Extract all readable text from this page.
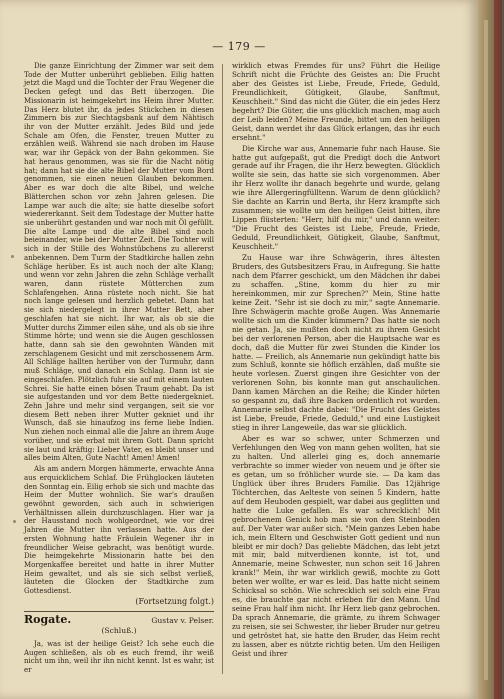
— 179 —

Die ganze Einrichtung der Zimmer war seit dem Tode der Mutter unberührt geblieben. Eilig hatten jetzt die Magd und die Tochter der Frau Wegener die Decken gefegt und das Bett überzogen. Die Missionarin ist heimgekehrt ins Heim ihrer Mutter. Das Herz blutet ihr, da jedes Stückchen in diesen Zimmern bis zur Siechtagsbank auf dem Nähtisch ihr von der Mutter erzählt. Jedes Bild und jede Schale am Ofen, die Fenster, treuen Mutter zu erzählen weiß. Während sie nach droben im Hause war, war ihr Gepäck von der Bahn gekommen. Sie hat heraus genommen, was sie für die Nacht nötig hat; dann hat sie die alte Bibel der Mutter vom Bord genommen, sie einen neuen Glauben bekommen. Aber es war doch die alte Bibel, und welche Blätterchen schon vor zehn Jahren gelesen. Die Lampe war auch die alte; sie hatte dieselbe sofort wiedererkannt. Seit dem Todestage der Mutter hatte sie unberührt gestanden und war noch mit Öl gefüllt. Die alte Lampe und die alte Bibel sind noch beieinander, wie bei der Mutter Zeit. Die Tochter will sich in der Stille des Wohnstübchens zu allererst anbekennen. Dem Turm der Stadtkirche hallen zehn Schläge herüber. Es ist auch noch der alte Klang; und wenn vor zehn Jahren die zehn Schläge verhallt waren, dann rüstete Mütterchen zum Schlafengehen. Anna rüstete noch nicht. Sie hat noch lange gelesen und herzlich gebetet. Dann hat sie sich niedergelegt in ihrer Mutter Bett, aber geschlafen hat sie nicht. Ihr war, als ob sie die Mutter durchs Zimmer eilen sähe, und als ob sie ihre Stimme hörte; und wenn sie die Augen geschlossen hatte, dann sah sie den gewohnten Wänden mit zerschlagenem Gesicht und mit zerschossenem Arm. All Schläge hallten herüber von der Turmuhr, dann muß Schläge, und danach ein Schlag. Dann ist sie eingeschlafen. Plötzlich fuhr sie auf mit einem lauten Schrei. Sie hatte einen bösen Traum gehabt. Da ist sie aufgestanden und vor dem Bette niedergekniet. Zehn Jahre und mehr sind vergangen, seit sie vor diesem Bett neben ihrer Mutter gekniet und ihr Wunsch, daß sie hinaufzog ins ferne liebe Indien. Nun ziehen noch einmal alle die Jahre an ihrem Auge vorüber, und sie erbat mit ihrem Gott. Dann spricht sie laut und kräftig: Lieber Vater, es bleibt unser und alles beim Alten, Gute Nacht! Amen! Amen!

Als am andern Morgen hämmerte, erwachte Anna aus erquicklichem Schlaf. Die Frühglocken läuteten den Sonntag ein. Eilig erhob sie sich und machte das Heim der Mutter wohnlich. Sie war's draußen gewöhnt geworden, sich auch in schwierigen Verhältnissen allein durchzuschlagen. Hier war ja der Hausstand noch wohlgeordnet, wie vor drei Jahren die Mutter ihn verlassen hatte. Aus der ersten Wohnung hatte Fräulein Wegener ihr in freundlicher Weise gebracht, was benötigt wurde. Die heimgekehrte Missionarin hatte bei den Morgenkaffee bereitet und hatte in ihrer Mutter Heim gewaltet, und als sie sich selbst verließ, läuteten die Glocken der Stadtkirche zum Gottesdienst.

(Fortsetzung folgt.)
Rogate.	Gustav v. Pelser.
(Schluß.)

Ja, was ist der heilige Geist? Ich sehe euch die Augen schließen, als ob es euch fremd, ihr weiß nicht um ihn, weil ihr ihn nicht kennt. Ist es wahr, ist er

wirklich etwas Fremdes für uns? Führt die Heilige Schrift nicht die Früchte des Geistes an: Die Frucht aber des Geistes ist Liebe, Freude, Friede, Geduld, Freundlichkeit, Gütigkeit, Glaube, Sanftmut, Keuschheit." Sind das nicht die Güter, die ein jedes Herz begehrt? Die Güter, die uns glücklich machen, mag auch der Leib leiden? Meine Freunde, bittet um den heiligen Geist, dann werdet ihr das Glück erlangen, das ihr euch ersehnt."

Die Kirche war aus, Annemarie fuhr nach Hause. Sie hatte gut aufgepaßt, gut die Predigt doch die Antwort gerade auf ihr Fragen, die ihr Herz bewegten. Glücklich wollte sie sein, das hatte sie sich vorgenommen. Aber ihr Herz wollte ihr danach begehrte und wurde, gelang wie ihre Allergeringfülltenn. Warum de denn glücklich? Sie dachte an Karrin und Berta, ihr Herz krampfte sich zusammen; sie wollte um den heiligen Geist bitten, ihre Lippen flüsterten: "Herr, hilf du mir," und dann weiter: "Die Frucht des Geistes ist Liebe, Freude, Friede, Geduld, Freundlichkeit, Gütigkeit, Glaube, Sanftmut, Keuschheit."

Zu Hause war ihre Schwägerin, ihres ältesten Bruders, des Gutsbesitzers Frau, in Aufregung. Sie hatte nach dem Pfarrer geschickt, um den Mädchen ihr dabei zu schaffen. „Stine, komm du hier zu mir hereinkommen, mir zur Sprechen?" Mein, Stine hatte keine Zeit. "Sehr ist sie doch zu mir," sagte Annemarie. Ihre Schwägerin machte große Augen. Was Annemarie wollte sich um die Kinder kümmern? Das hatte sie noch nie getan. Ja, sie mußten doch nicht zu ihrem Gesicht bei der verlorenen Person, aber die Hauptsache war es doch, daß die Mutter für zwei Stunden die Kinder los hatte. — Freilich, als Annemarie nun gekündigt hatte bis zum Schluß, konnte sie höflich erzählen, daß mußte sie heute vorlesen. Zuerst gingen ihre Gesichter von der verlorenen Sohn, bis konnte man gut anschaulichen. Dann kamen Märchen an die Reihe; die Kinder hörten so gespannt zu, daß ihre Backen ordentlich rot wurden. Annemarie selbst dachte dabei: "Die Frucht des Geistes ist Liebe, Freude, Friede, Geduld," und eine Lustigkeit stieg in ihrer Langeweile, das war sie glücklich.

Aber es war so schwer, unter Schmerzen und Verfehlungen den Weg von mann gehen wollten, hat sie zu halten. Und allerlei ging es, doch annemarie verbrachte so immer wieder von neuem und je öfter sie es getan, um so fröhlicher wurde sie. — Da kam das Unglück über ihres Bruders Familie. Das 12jährige Töchterchen, das Aelteste von seinen 5 Kindern, hatte auf dem Heuboden gespielt, war dabei aus geglitten und hatte die Luke gefallen. Es war schrecklich! Mit gebrochenem Genick hob man sie von den Steinboden auf. Der Vater war außer sich. "Mein ganzes Leben habe ich, mein Eltern und Geschwister Gott gedient und nun bleibt er mir doch? Das geliebte Mädchen, das lebt jetzt mit mir, bald mitverdienen konnte, ist tot, und Annemarie, meine Schwester, nun schon seit 16 Jahren krank!" Mein, ihr war wirklich gewiß, mochte zu Gott beten wer wollte, er war es leid. Das hatte nicht seinem Schicksal so schön. Wie schrecklich sei solch eine Frau es, die brauchte gar nicht erleben für den Mann. Und seine Frau half ihm nicht. Ihr Herz lieb ganz gebrochen. Da sprach Annemarie, die grämte, zu ihrem Schwager zu reisen, sie sei Schwester, ihr lieber Bruder nur getreu und getröstet hat, sie hatte den Bruder, das Heim recht zu lassen, aber es nützte richtig beten. Um den Heiligen Geist und ihrer
